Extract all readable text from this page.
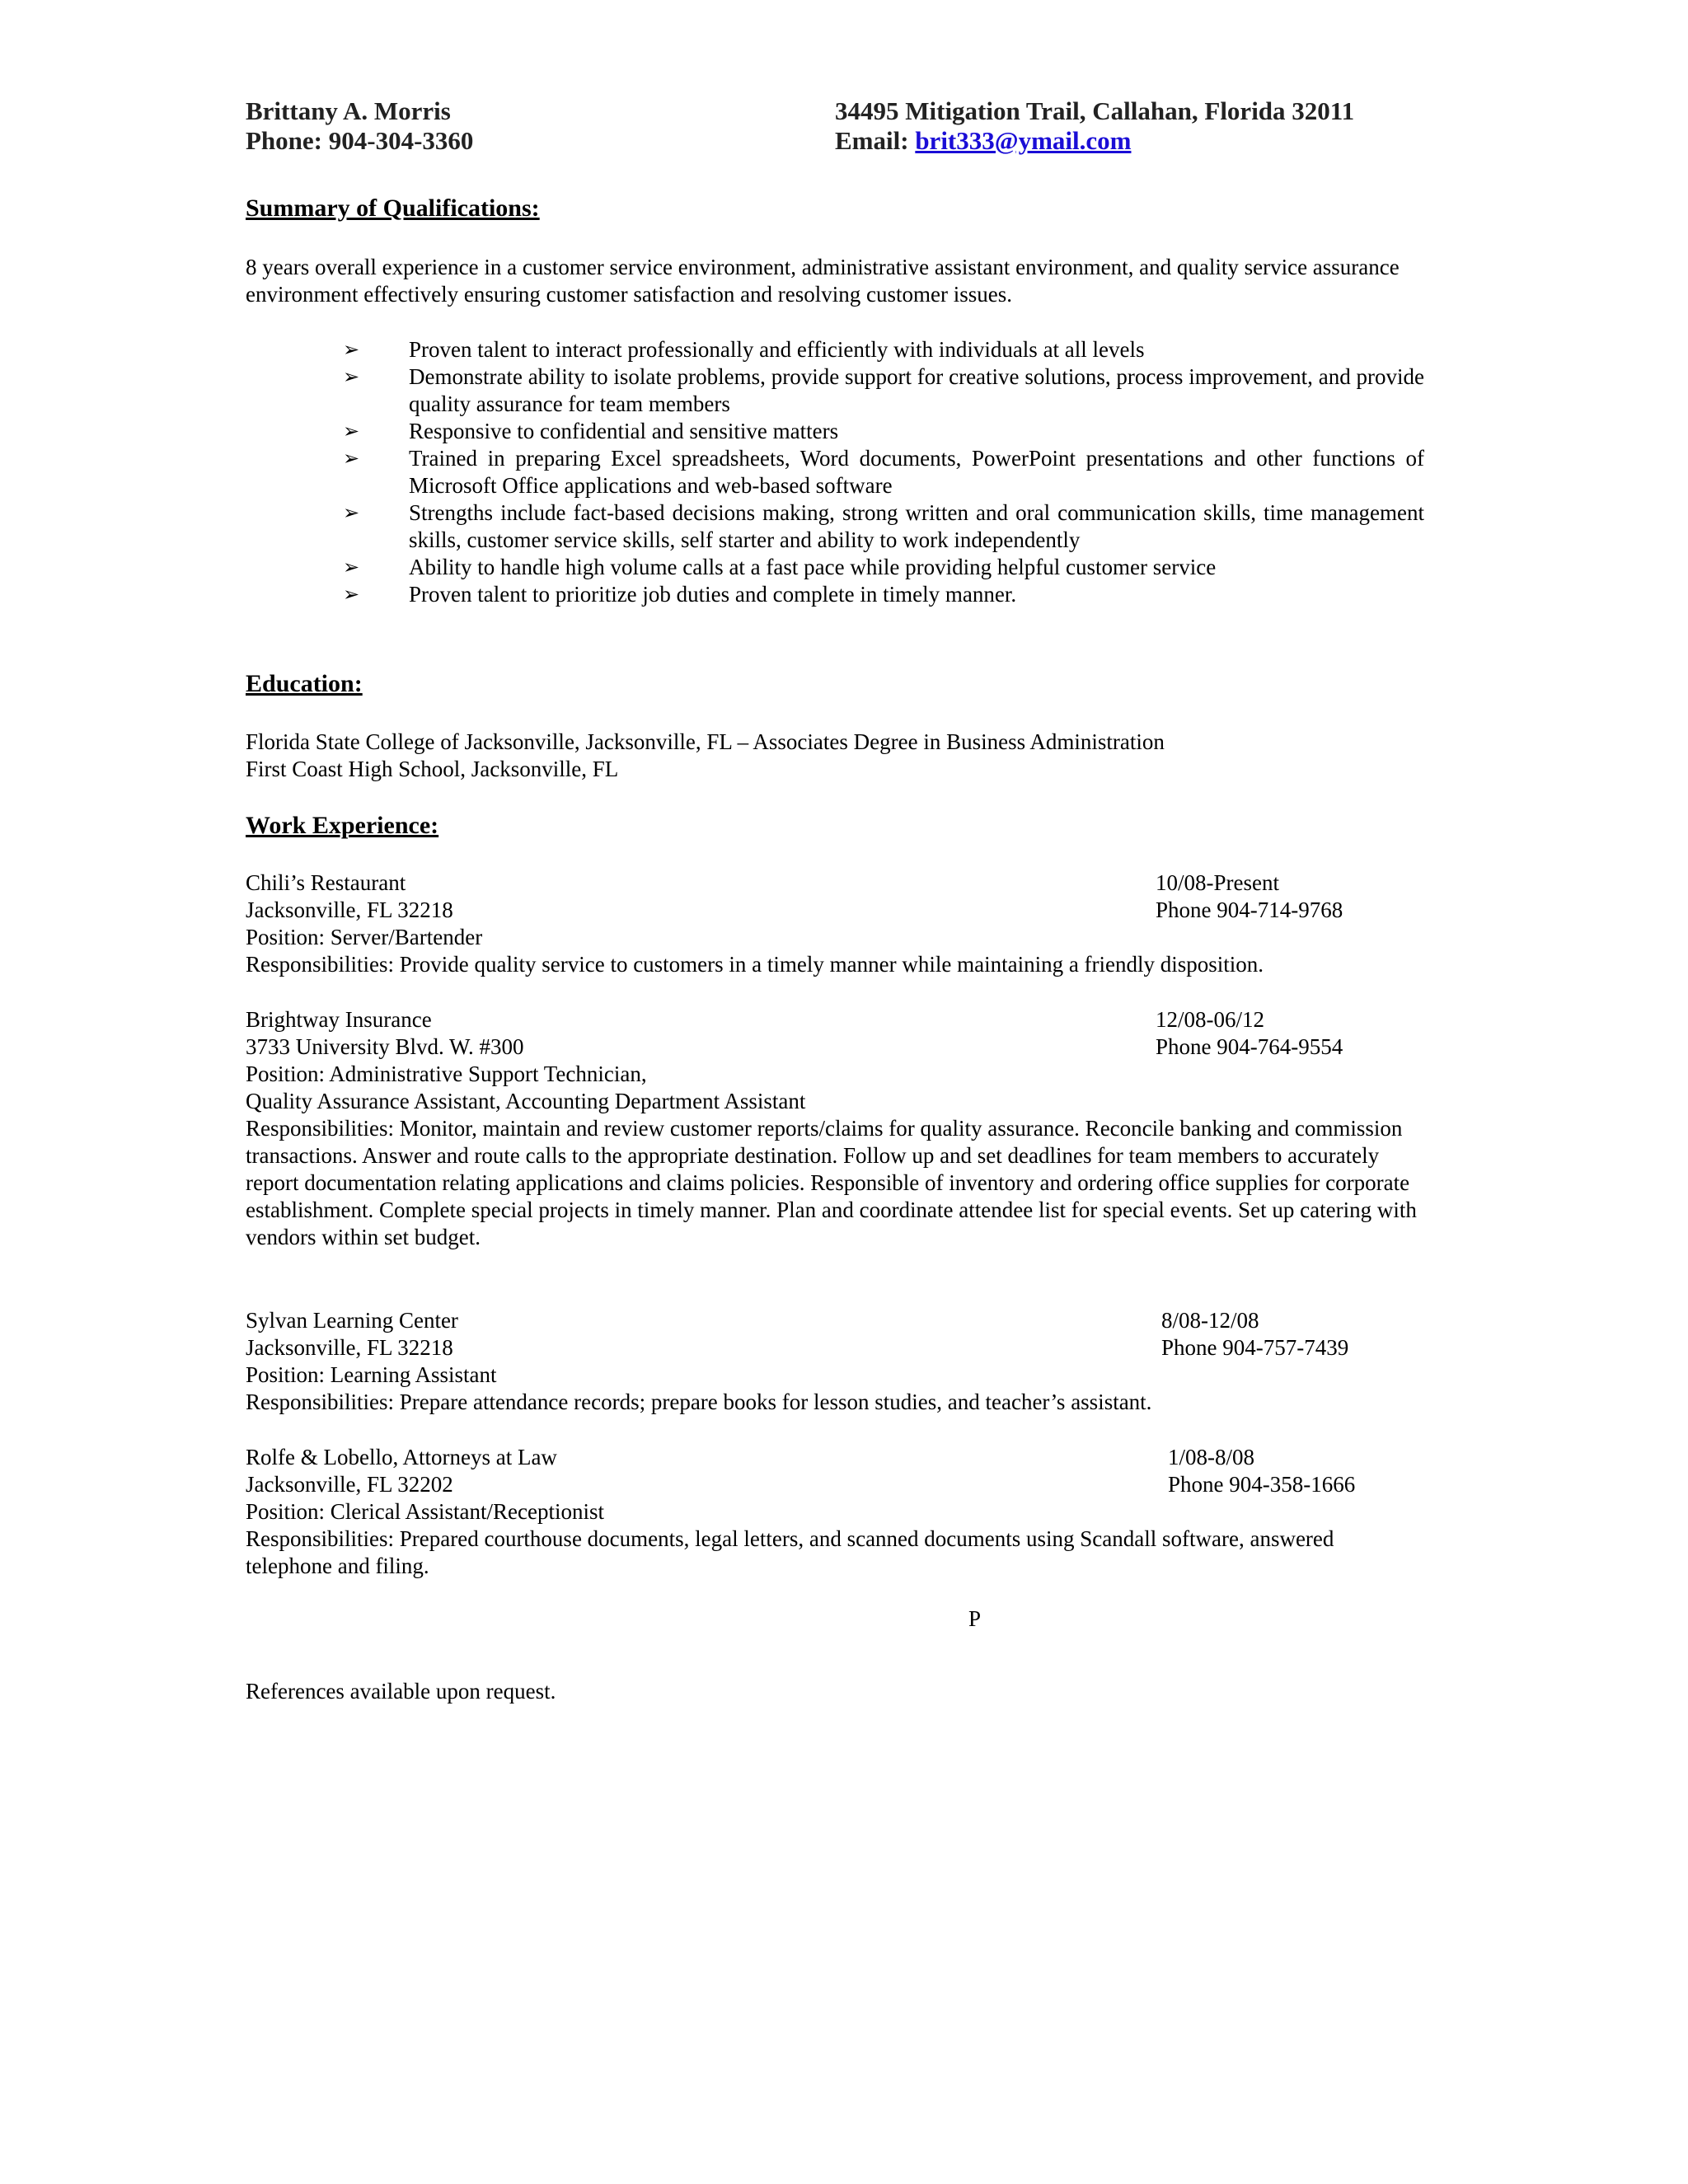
Brittany A. Morris
Phone: 904-304-3360
34495 Mitigation Trail, Callahan, Florida 32011
Email: brit333@ymail.com
Summary of Qualifications:
8 years overall experience in a customer service environment, administrative assistant environment, and quality service assurance environment effectively ensuring customer satisfaction and resolving customer issues.
➢ Proven talent to interact professionally and efficiently with individuals at all levels
➢ Demonstrate ability to isolate problems, provide support for creative solutions, process improvement, and provide quality assurance for team members
➢ Responsive to confidential and sensitive matters
➢ Trained in preparing Excel spreadsheets, Word documents, PowerPoint presentations and other functions of Microsoft Office applications and web-based software
➢ Strengths include fact-based decisions making, strong written and oral communication skills, time management skills, customer service skills, self starter and ability to work independently
➢ Ability to handle high volume calls at a fast pace while providing helpful customer service
➢ Proven talent to prioritize job duties and complete in timely manner.
Education:
Florida State College of Jacksonville, Jacksonville, FL – Associates Degree in Business Administration
First Coast High School, Jacksonville, FL
Work Experience:
Chili’s Restaurant	10/08-Present
Jacksonville, FL 32218	Phone 904-714-9768
Position: Server/Bartender
Responsibilities: Provide quality service to customers in a timely manner while maintaining a friendly disposition.
Brightway Insurance	12/08-06/12
3733 University Blvd. W. #300	Phone 904-764-9554
Position: Administrative Support Technician,
Quality Assurance Assistant, Accounting Department Assistant
Responsibilities: Monitor, maintain and review customer reports/claims for quality assurance. Reconcile banking and commission transactions. Answer and route calls to the appropriate destination. Follow up and set deadlines for team members to accurately report documentation relating applications and claims policies. Responsible of inventory and ordering office supplies for corporate establishment. Complete special projects in timely manner. Plan and coordinate attendee list for special events. Set up catering with vendors within set budget.
Sylvan Learning Center	8/08-12/08
Jacksonville, FL 32218	Phone 904-757-7439
Position: Learning Assistant
Responsibilities: Prepare attendance records; prepare books for lesson studies, and teacher’s assistant.
Rolfe & Lobello, Attorneys at Law	1/08-8/08
Jacksonville, FL 32202	Phone 904-358-1666
Position: Clerical Assistant/Receptionist
Responsibilities: Prepared courthouse documents, legal letters, and scanned documents using Scandall software, answered telephone and filing.
P
References available upon request.
